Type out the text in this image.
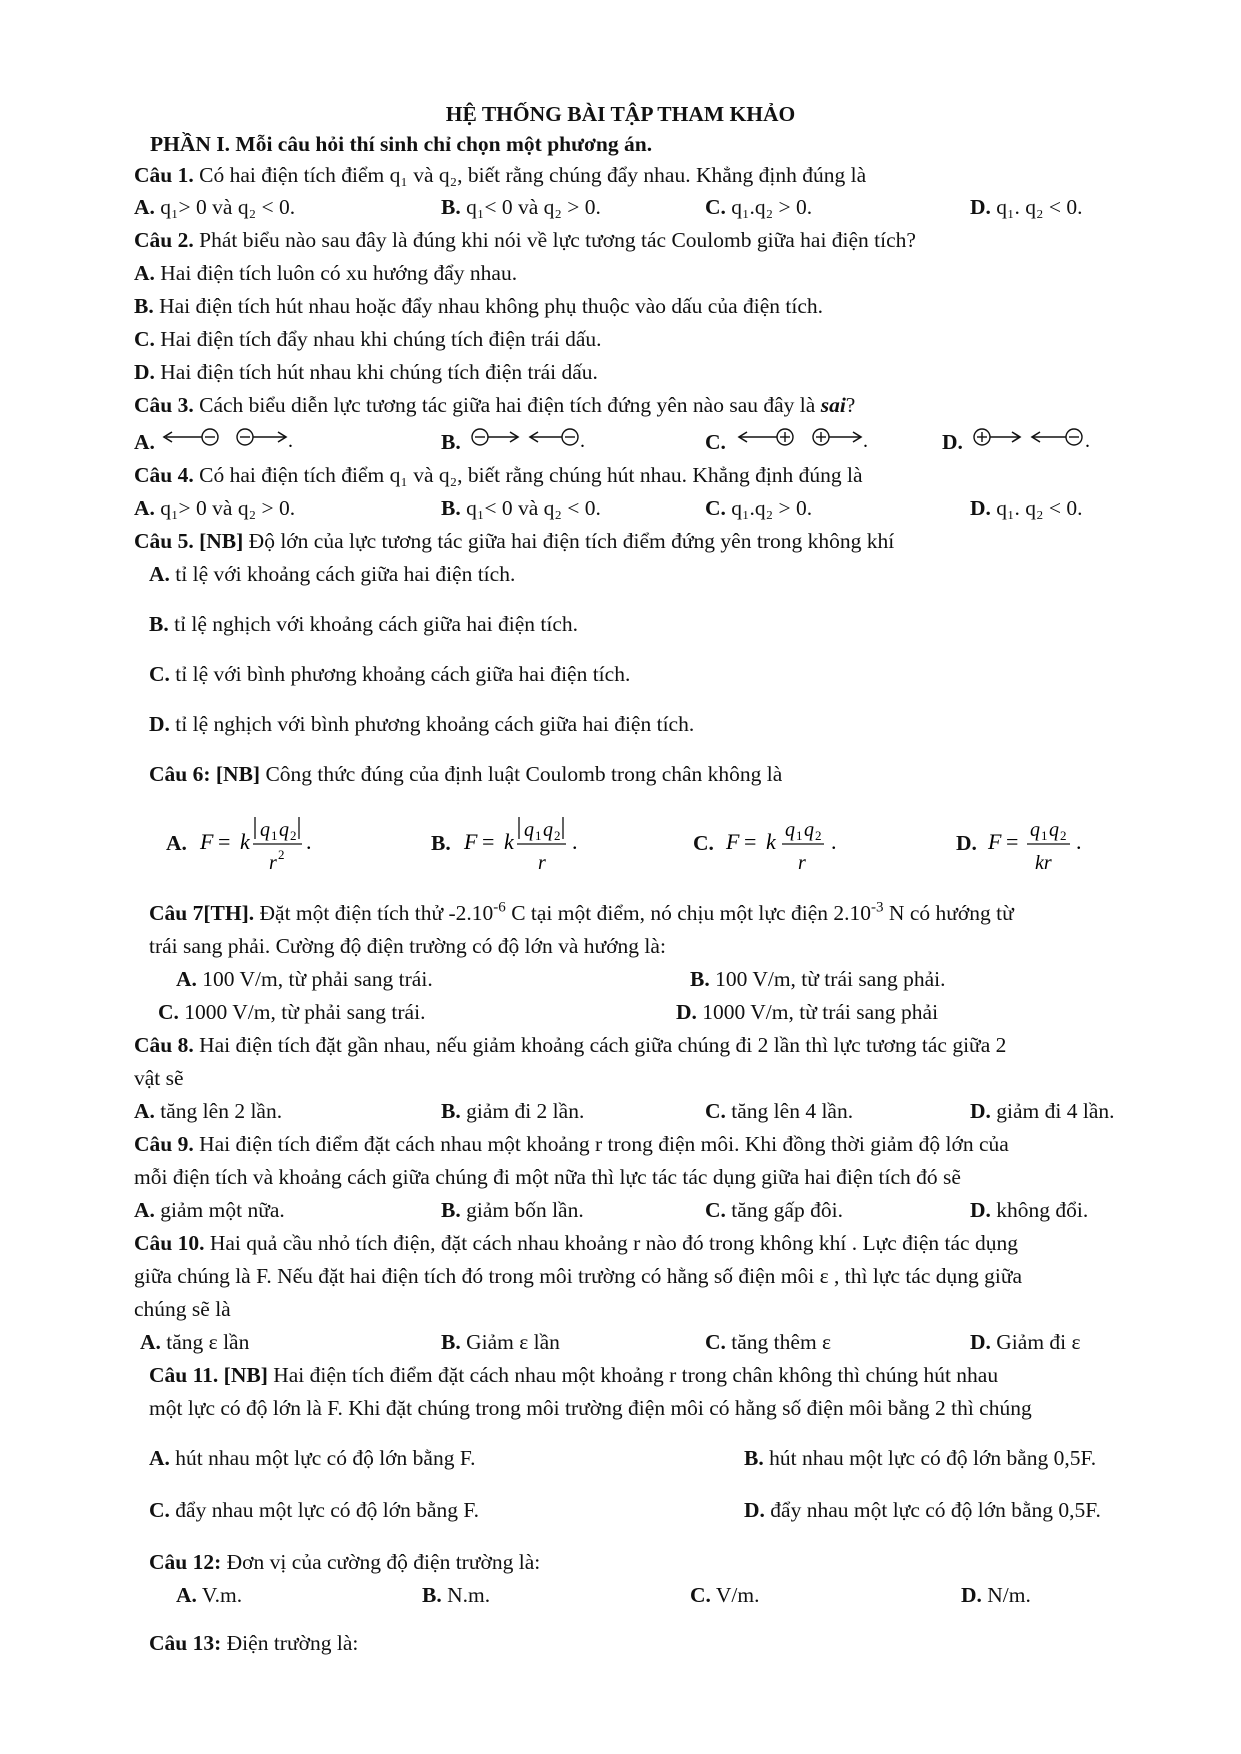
HỆ THỐNG BÀI TẬP THAM KHẢO
PHẦN I. Mỗi câu hỏi thí sinh chỉ chọn một phương án.
Câu 1. Có hai điện tích điểm q₁ và q₂, biết rằng chúng đẩy nhau. Khẳng định đúng là
A. q₁> 0 và q₂ < 0.	B. q₁< 0 và q₂ > 0.	C. q₁.q₂ > 0.	D. q₁. q₂ < 0.
Câu 2. Phát biểu nào sau đây là đúng khi nói về lực tương tác Coulomb giữa hai điện tích?
A. Hai điện tích luôn có xu hướng đẩy nhau.
B. Hai điện tích hút nhau hoặc đẩy nhau không phụ thuộc vào dấu của điện tích.
C. Hai điện tích đẩy nhau khi chúng tích điện trái dấu.
D. Hai điện tích hút nhau khi chúng tích điện trái dấu.
Câu 3. Cách biểu diễn lực tương tác giữa hai điện tích đứng yên nào sau đây là sai?
A.	.	B.	.	C.	.	D.	.
Câu 4. Có hai điện tích điểm q₁ và q₂, biết rằng chúng hút nhau. Khẳng định đúng là
A. q₁> 0 và q₂ > 0.	B. q₁< 0 và q₂ < 0.	C. q₁.q₂ > 0.	D. q₁. q₂ < 0.
Câu 5. [NB] Độ lớn của lực tương tác giữa hai điện tích điểm đứng yên trong không khí
A. tỉ lệ với khoảng cách giữa hai điện tích.
B. tỉ lệ nghịch với khoảng cách giữa hai điện tích.
C. tỉ lệ với bình phương khoảng cách giữa hai điện tích.
D. tỉ lệ nghịch với bình phương khoảng cách giữa hai điện tích.
Câu 6: [NB] Công thức đúng của định luật Coulomb trong chân không là
A. F = k q 1 q 2
r 2
.	B. F = k q 1 q 2
r
.	C. F = k q 1 q 2
r
.	D. F = q 1 q 2
kr
.
Câu 7[TH]. Đặt một điện tích thử $-2.10^{-6}$ C tại một điểm, nó chịu một lực điện $2.10^{-3}$ N có hướng từ
trái sang phải. Cường độ điện trường có độ lớn và hướng là:
A. 100 V/m, từ phải sang trái.	B. 100 V/m, từ trái sang phải.
C. 1000 V/m, từ phải sang trái.	D. 1000 V/m, từ trái sang phải
Câu 8. Hai điện tích đặt gần nhau, nếu giảm khoảng cách giữa chúng đi 2 lần thì lực tương tác giữa 2
vật sẽ
A. tăng lên 2 lần.	B. giảm đi 2 lần.	C. tăng lên 4 lần.	D. giảm đi 4 lần.
Câu 9. Hai điện tích điểm đặt cách nhau một khoảng r trong điện môi. Khi đồng thời giảm độ lớn của
mỗi điện tích và khoảng cách giữa chúng đi một nữa thì lực tác tác dụng giữa hai điện tích đó sẽ
A. giảm một nữa.	B. giảm bốn lần.	C. tăng gấp đôi.	D. không đổi.
Câu 10. Hai quả cầu nhỏ tích điện, đặt cách nhau khoảng r nào đó trong không khí . Lực điện tác dụng
giữa chúng là F. Nếu đặt hai điện tích đó trong môi trường có hằng số điện môi ε , thì lực tác dụng giữa
chúng sẽ là
A. tăng ε lần	B. Giảm ε lần	C. tăng thêm ε	D. Giảm đi ε
Câu 11. [NB] Hai điện tích điểm đặt cách nhau một khoảng r trong chân không thì chúng hút nhau
một lực có độ lớn là F. Khi đặt chúng trong môi trường điện môi có hằng số điện môi bằng 2 thì chúng
A. hút nhau một lực có độ lớn bằng F.	B. hút nhau một lực có độ lớn bằng 0,5F.
C. đẩy nhau một lực có độ lớn bằng F.	D. đẩy nhau một lực có độ lớn bằng 0,5F.
Câu 12: Đơn vị của cường độ điện trường là:
A. V.m.	B. N.m.	C. V/m.	D. N/m.
Câu 13: Điện trường là:
